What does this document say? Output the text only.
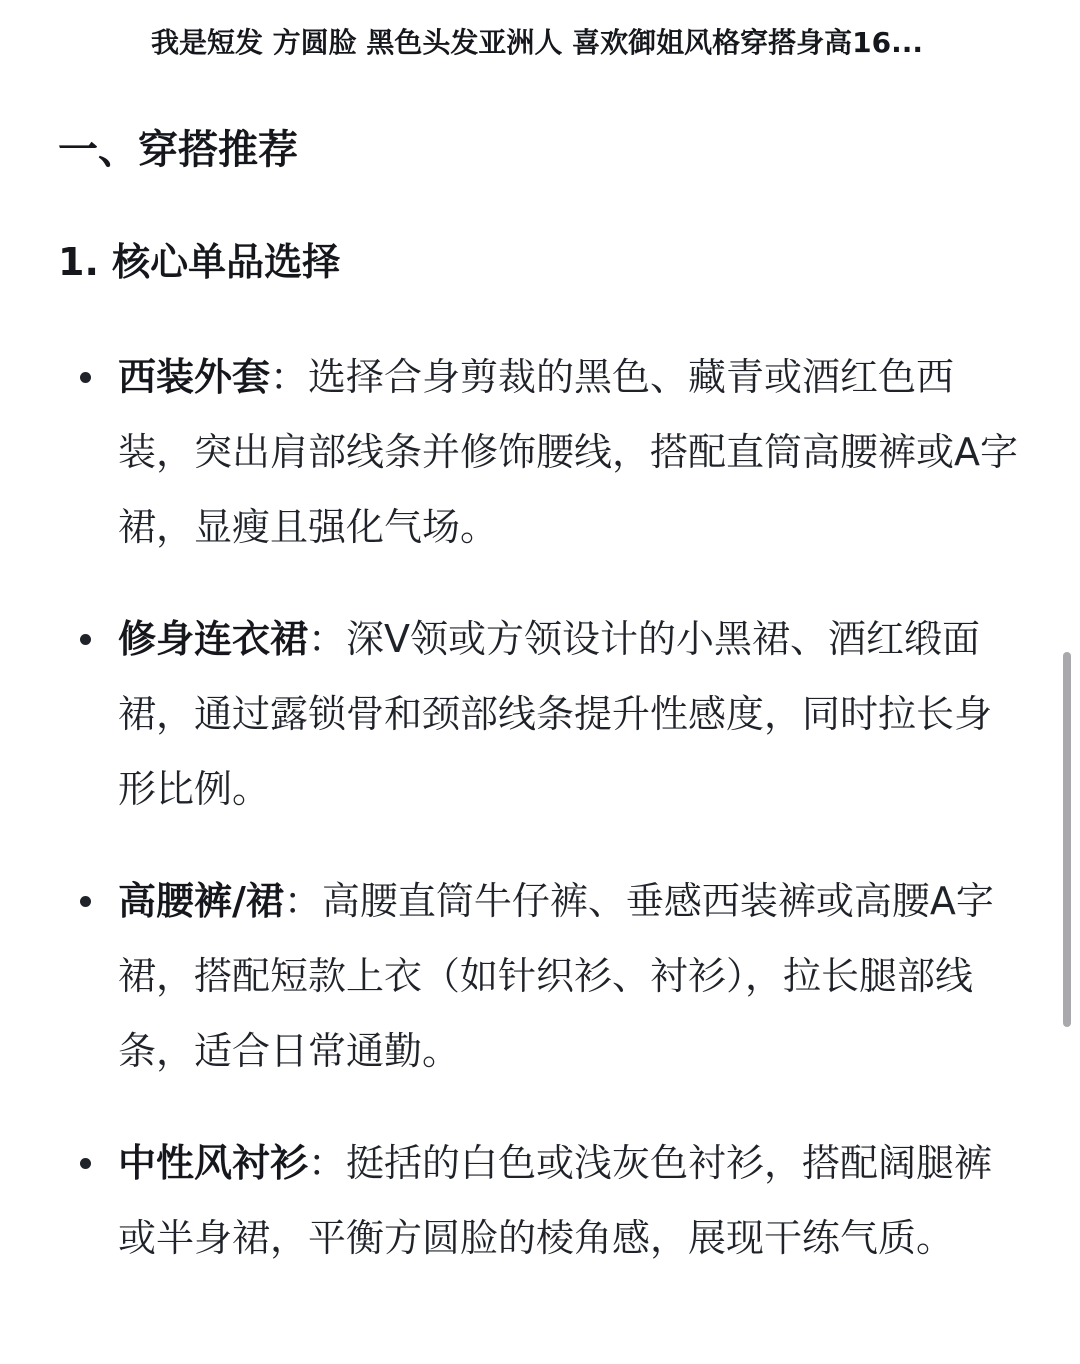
我是短发 方圆脸 黑色头发亚洲人 喜欢御姐风格穿搭身高16...
一、穿搭推荐
1. 核心单品选择
西装外套：选择合身剪裁的黑色、藏青或酒红色西装，突出肩部线条并修饰腰线，搭配直筒高腰裤或A字裙，显瘦且强化气场。
修身连衣裙：深V领或方领设计的小黑裙、酒红缎面裙，通过露锁骨和颈部线条提升性感度，同时拉长身形比例。
高腰裤/裙：高腰直筒牛仔裤、垂感西装裤或高腰A字裙，搭配短款上衣（如针织衫、衬衫），拉长腿部线条，适合日常通勤。
中性风衬衫：挺括的白色或浅灰色衬衫，搭配阔腿裤或半身裙，平衡方圆脸的棱角感，展现干练气质。
